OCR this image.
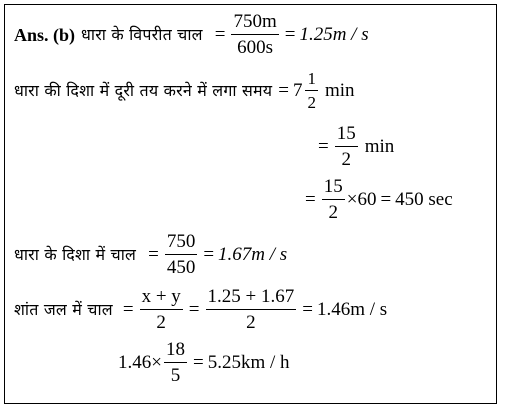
Ans. (b) धारा के विपरीत चाल = $\frac{750m}{600s} = 1.25m / s$
धारा की दिशा में दूरी तय करने में लगा समय = $7 \frac{1}{2}$ min
= $\frac{15}{2}$ min
= $\frac{15}{2} \times 60 = 450$ sec
धारा के दिशा में चाल = $\frac{750}{450} = 1.67m / s$
शांत जल में चाल = $\frac{x + y}{2} = \frac{1.25 + 1.67}{2} = 1.46m / s$
$1.46 \times \frac{18}{5} = 5.25km / h$
